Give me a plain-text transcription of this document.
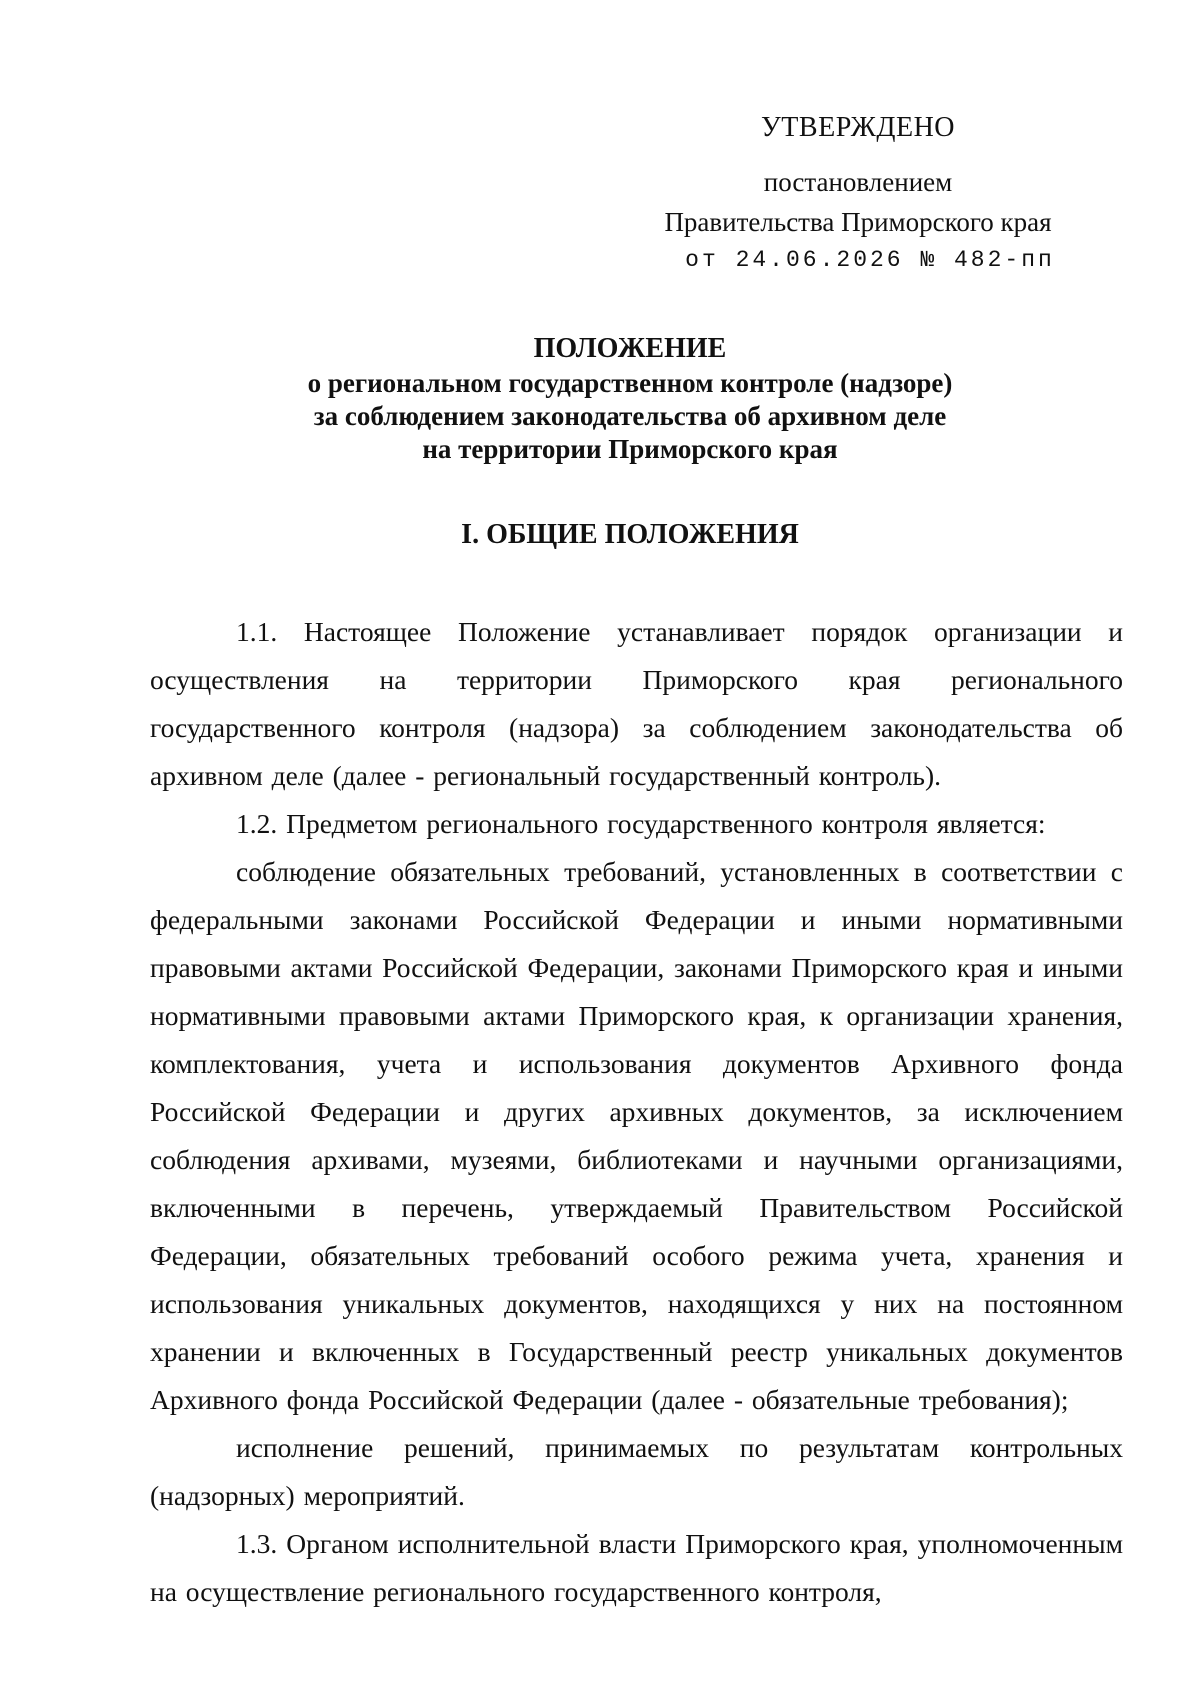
УТВЕРЖДЕНО
постановлением
Правительства Приморского края
от 24.06.2026 № 482-пп
ПОЛОЖЕНИЕ
о региональном государственном контроле (надзоре)
за соблюдением законодательства об архивном деле
на территории Приморского края
I. ОБЩИЕ ПОЛОЖЕНИЯ

1.1. Настоящее Положение устанавливает порядок организации и осуществления на территории Приморского края регионального государственного контроля (надзора) за соблюдением законодательства об архивном деле (далее - региональный государственный контроль).

1.2. Предметом регионального государственного контроля является:

соблюдение обязательных требований, установленных в соответствии с федеральными законами Российской Федерации и иными нормативными правовыми актами Российской Федерации, законами Приморского края и иными нормативными правовыми актами Приморского края, к организации хранения, комплектования, учета и использования документов Архивного фонда Российской Федерации и других архивных документов, за исключением соблюдения архивами, музеями, библиотеками и научными организациями, включенными в перечень, утверждаемый Правительством Российской Федерации, обязательных требований особого режима учета, хранения и использования уникальных документов, находящихся у них на постоянном хранении и включенных в Государственный реестр уникальных документов Архивного фонда Российской Федерации (далее - обязательные требования);

исполнение решений, принимаемых по результатам контрольных (надзорных) мероприятий.

1.3. Органом исполнительной власти Приморского края, уполномоченным на осуществление регионального государственного контроля,
